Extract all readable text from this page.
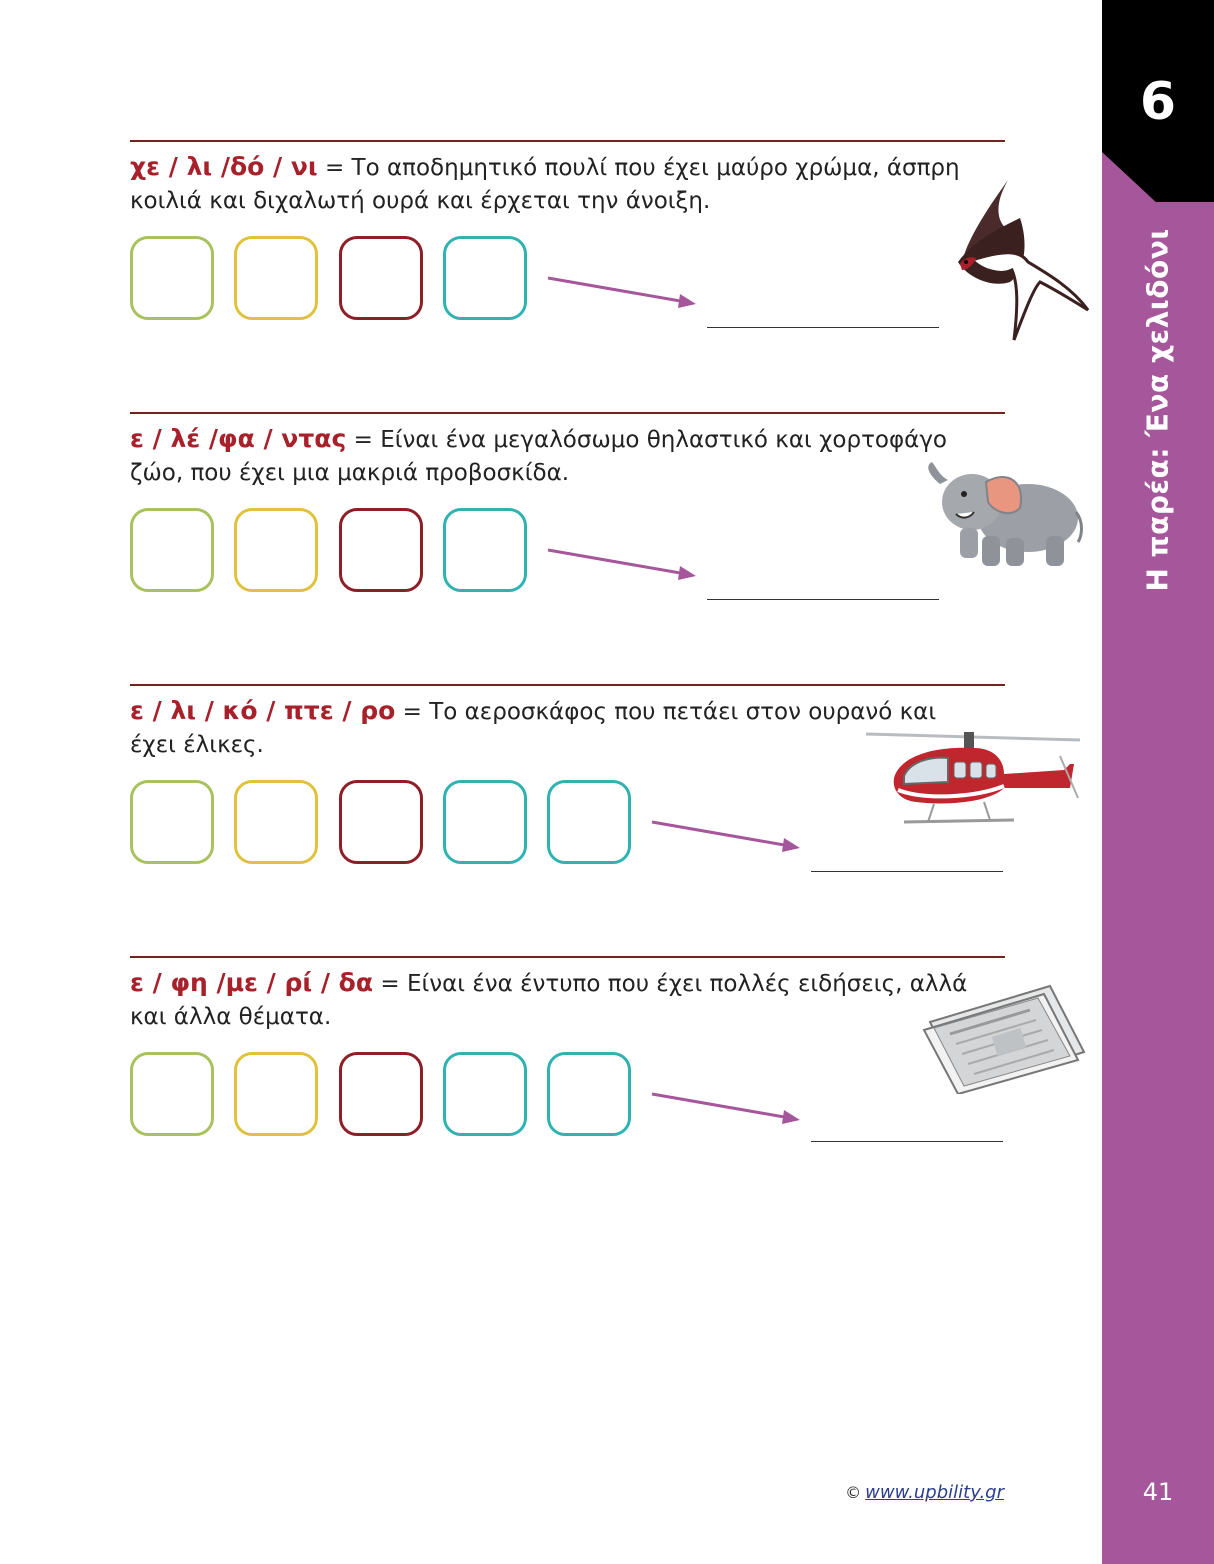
6
Η παρέα: Ένα χελιδόνι
41
χε / λι /δό / νι = Το αποδημητικό πουλί που έχει μαύρο χρώμα, άσπρη κοιλιά και διχαλωτή ουρά και έρχεται την άνοιξη.
ε / λέ /φα / ντας = Είναι ένα μεγαλόσωμο θηλαστικό και χορτοφάγο ζώο, που έχει μια μακριά προβοσκίδα.
ε / λι / κό / πτε / ρο = Το αεροσκάφος που πετάει στον ουρανό και έχει έλικες.
ε / φη /με / ρί / δα = Είναι ένα έντυπο που έχει πολλές ειδήσεις, αλλά και άλλα θέματα.
© www.upbility.gr
